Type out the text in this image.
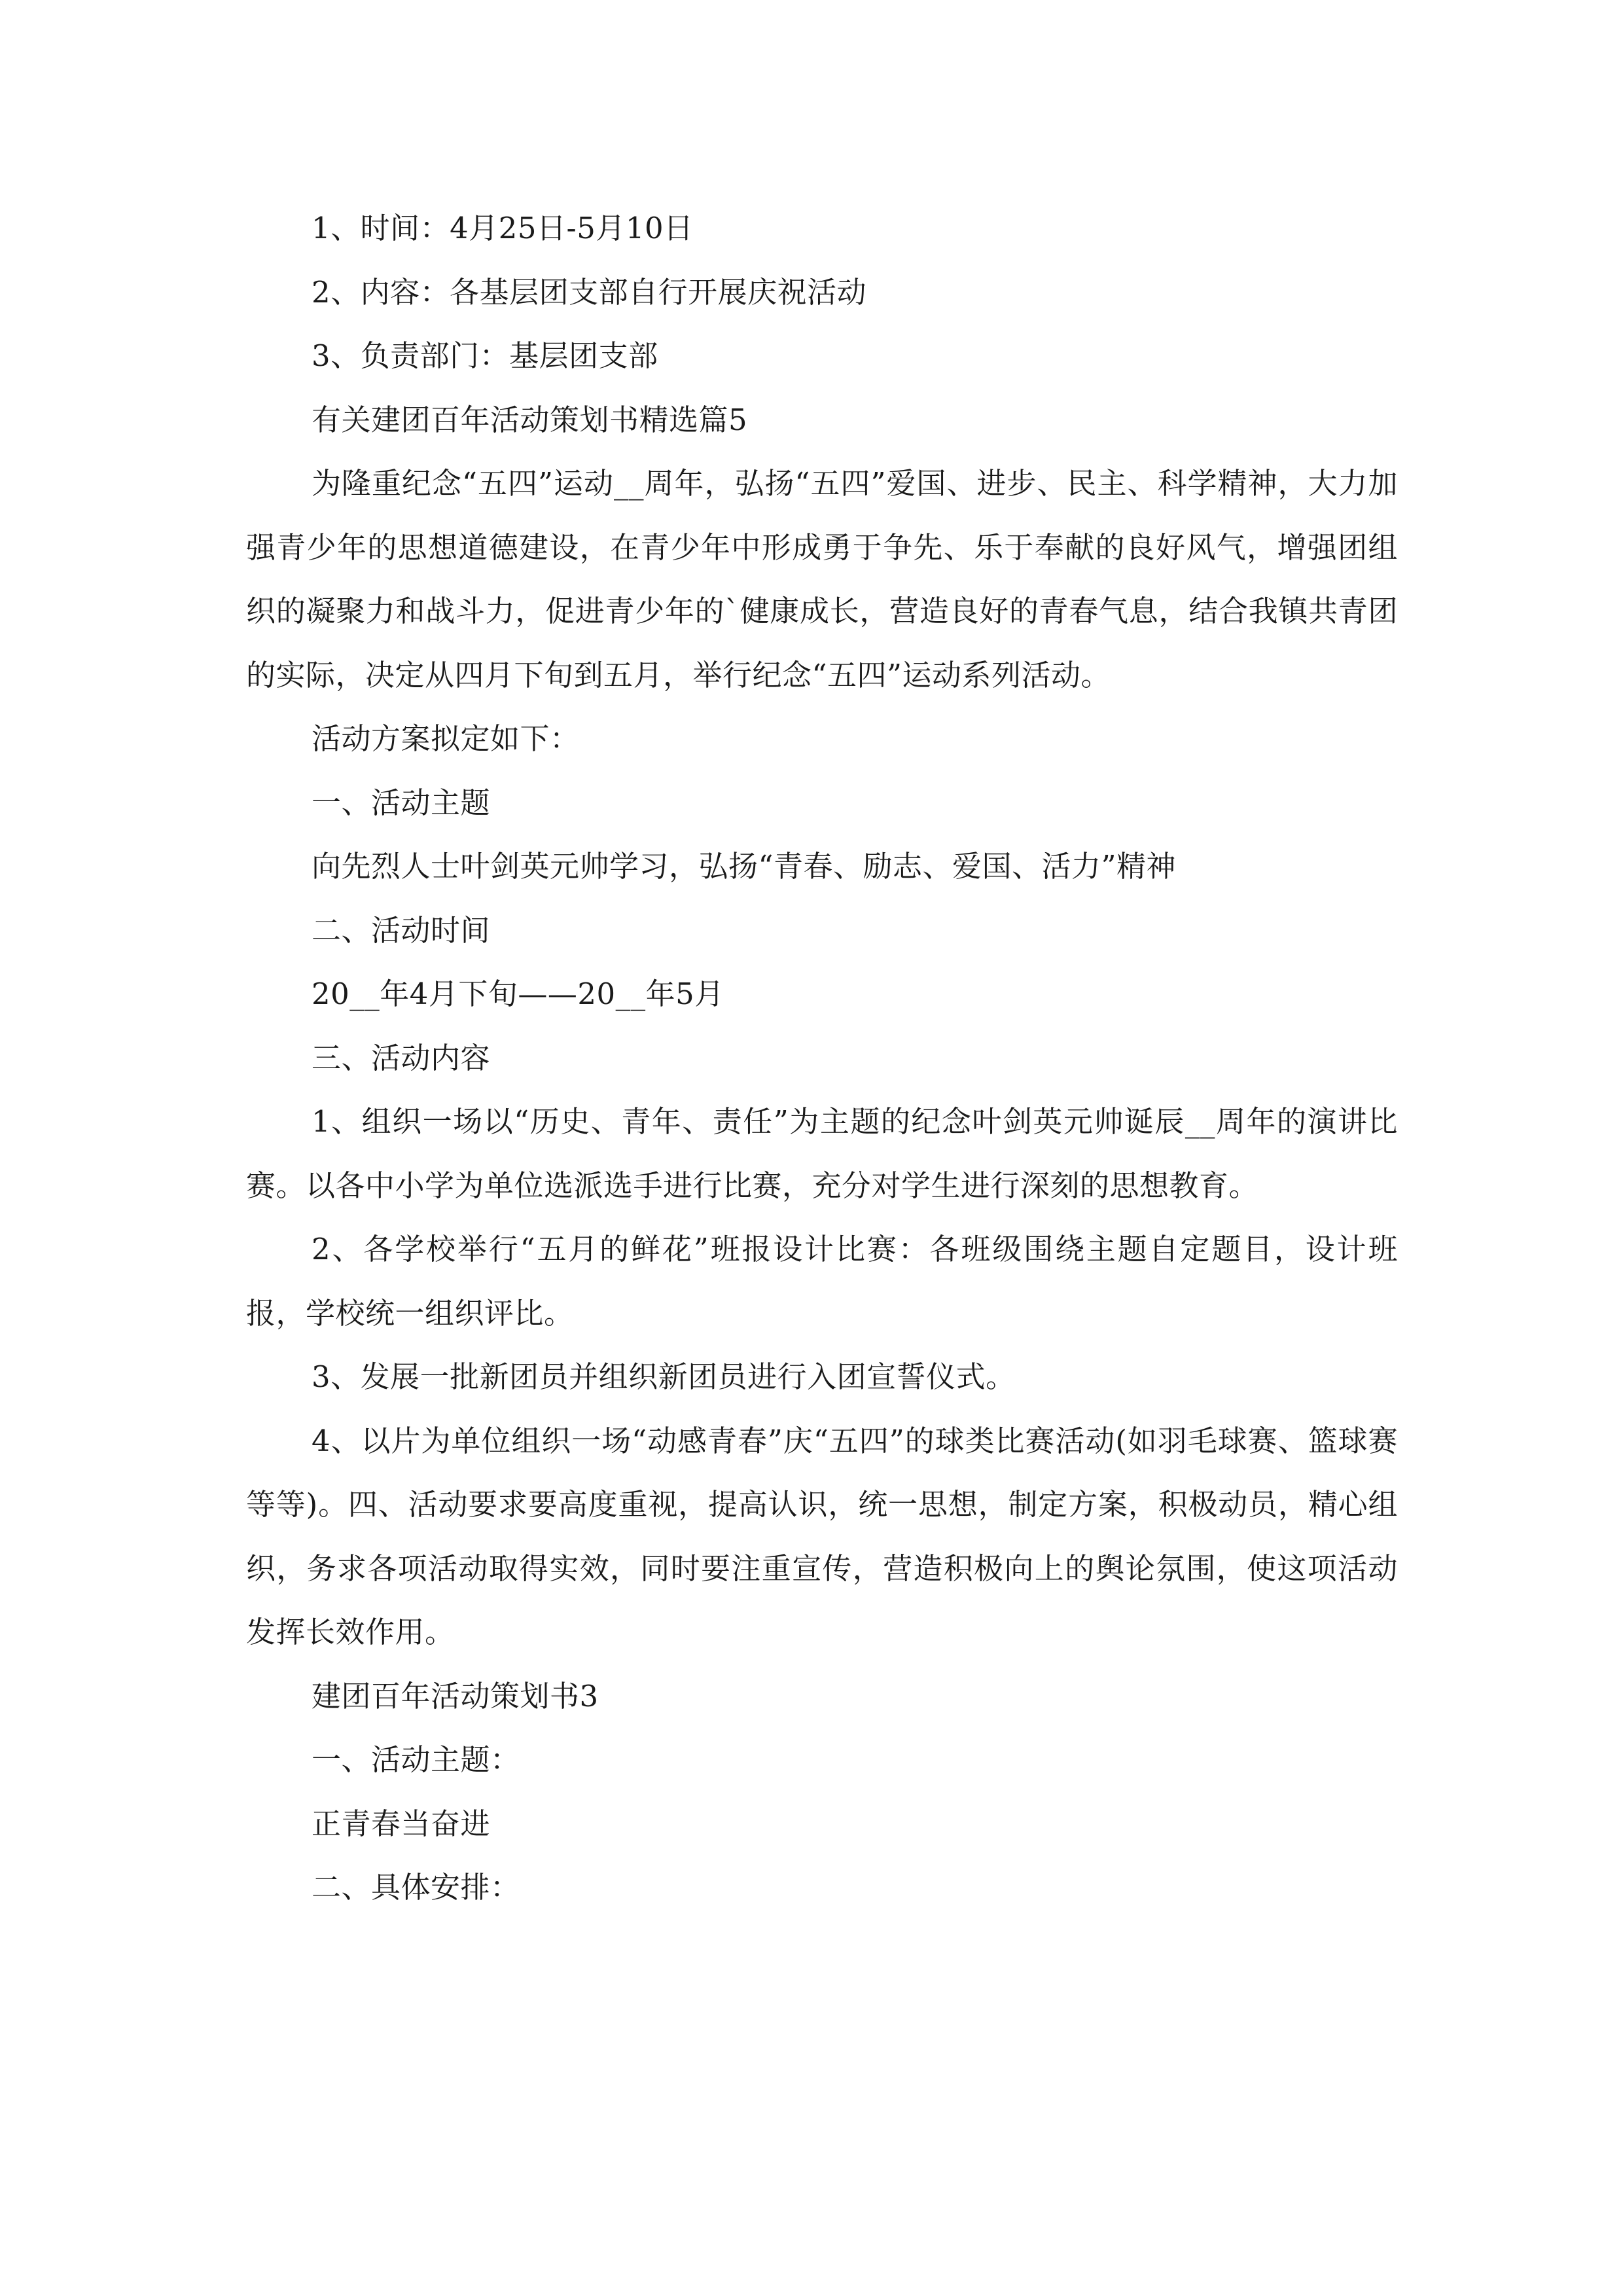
1、时间：4月25日-5月10日

2、内容：各基层团支部自行开展庆祝活动

3、负责部门：基层团支部

有关建团百年活动策划书精选篇5

为隆重纪念“五四”运动__周年，弘扬“五四”爱国、进步、民主、科学精神，大力加强青少年的思想道德建设，在青少年中形成勇于争先、乐于奉献的良好风气，增强团组织的凝聚力和战斗力，促进青少年的`健康成长，营造良好的青春气息，结合我镇共青团的实际，决定从四月下旬到五月，举行纪念“五四”运动系列活动。

活动方案拟定如下：

一、活动主题

向先烈人士叶剑英元帅学习，弘扬“青春、励志、爱国、活力”精神

二、活动时间

20__年4月下旬——20__年5月

三、活动内容

1、组织一场以“历史、青年、责任”为主题的纪念叶剑英元帅诞辰__周年的演讲比赛。以各中小学为单位选派选手进行比赛，充分对学生进行深刻的思想教育。

2、各学校举行“五月的鲜花”班报设计比赛：各班级围绕主题自定题目，设计班报，学校统一组织评比。

3、发展一批新团员并组织新团员进行入团宣誓仪式。

4、以片为单位组织一场“动感青春”庆“五四”的球类比赛活动(如羽毛球赛、篮球赛等等)。四、活动要求要高度重视，提高认识，统一思想，制定方案，积极动员，精心组织，务求各项活动取得实效，同时要注重宣传，营造积极向上的舆论氛围，使这项活动发挥长效作用。

建团百年活动策划书3

一、活动主题：

正青春当奋进

二、具体安排：
